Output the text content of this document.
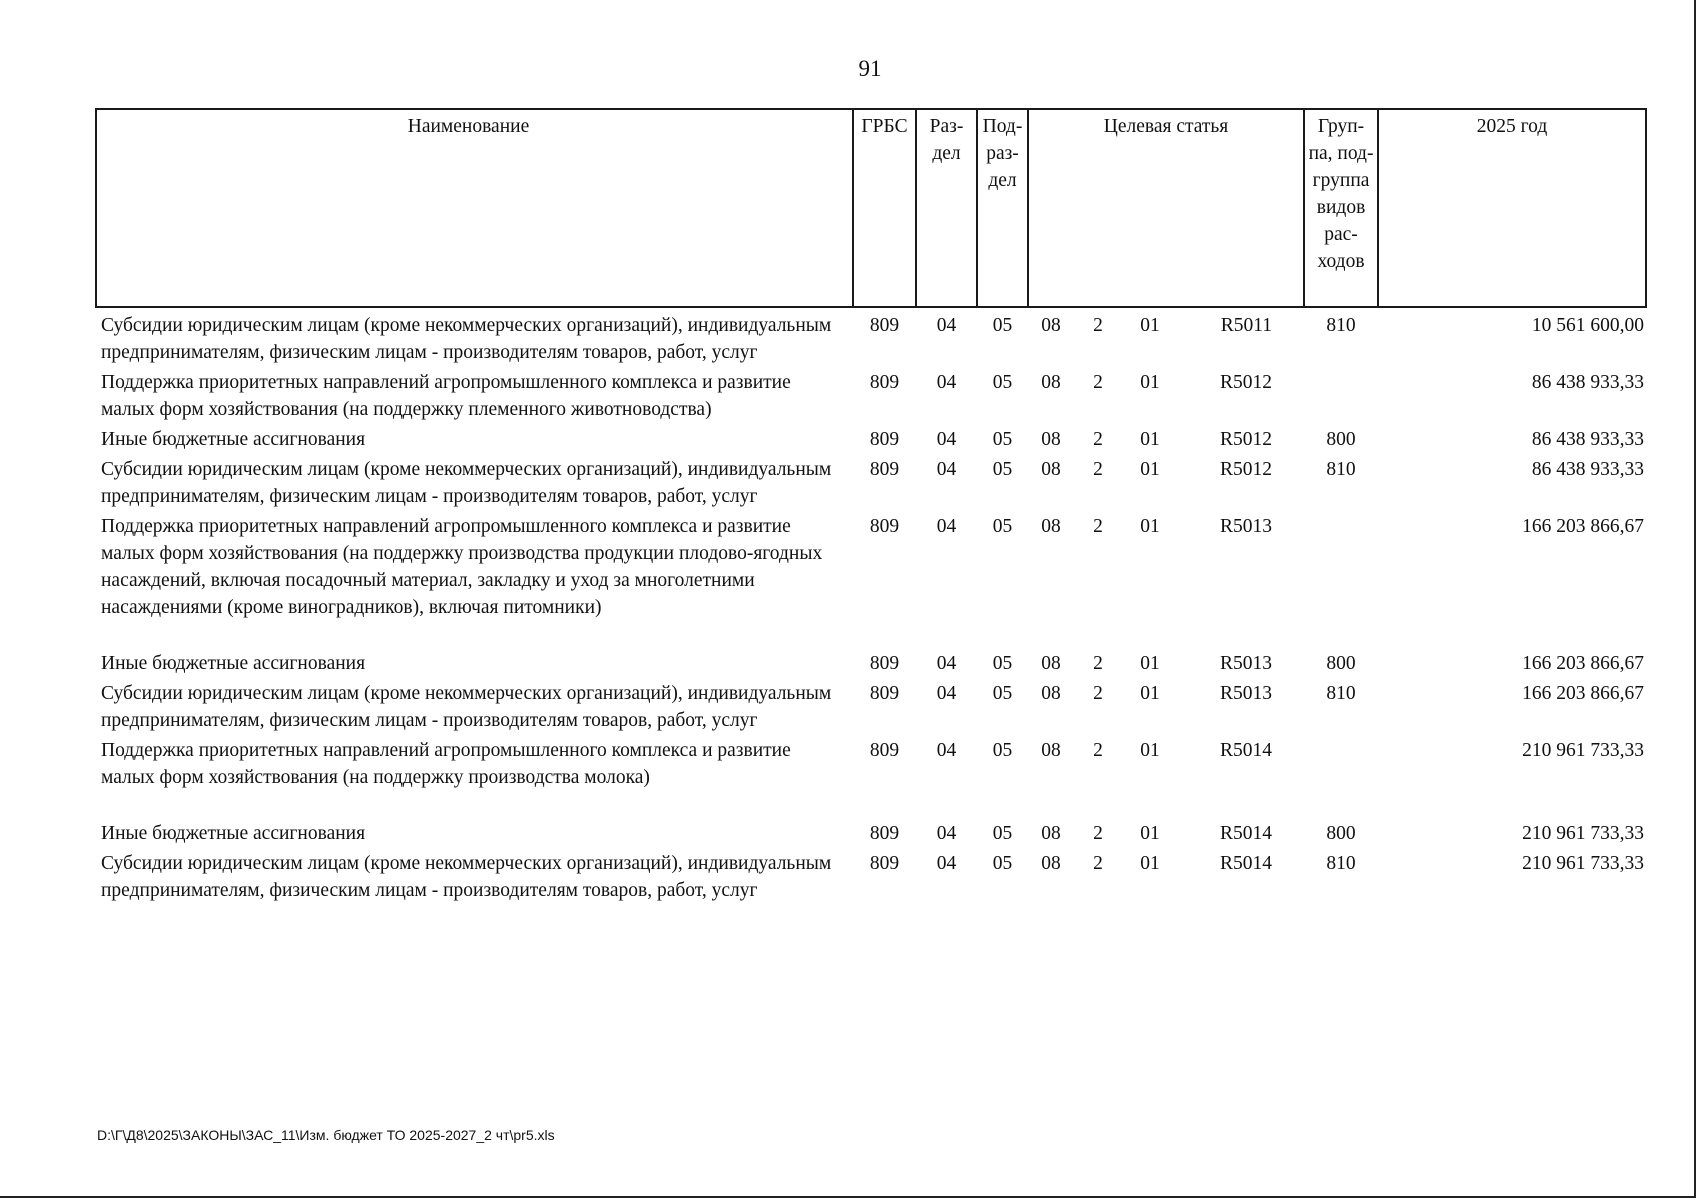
91
Наименование	ГРБС	Раз- дел	Под- раз- дел	Целевая статья				Груп- па, под- группа видов рас- ходов	2025 год
Субсидии юридическим лицам (кроме некоммерческих организаций), индивидуальным предпринимателям, физическим лицам - производителям товаров, работ, услуг	809	04	05	08	2	01	R5011	810	10 561 600,00
Поддержка приоритетных направлений агропромышленного комплекса и развитие малых форм хозяйствования (на поддержку племенного животноводства)	809	04	05	08	2	01	R5012		86 438 933,33
Иные бюджетные ассигнования	809	04	05	08	2	01	R5012	800	86 438 933,33
Субсидии юридическим лицам (кроме некоммерческих организаций), индивидуальным предпринимателям, физическим лицам - производителям товаров, работ, услуг	809	04	05	08	2	01	R5012	810	86 438 933,33
Поддержка приоритетных направлений агропромышленного комплекса и развитие малых форм хозяйствования (на поддержку производства продукции плодово-ягодных насаждений, включая посадочный материал, закладку и уход за многолетними насаждениями (кроме виноградников), включая питомники)	809	04	05	08	2	01	R5013		166 203 866,67
Иные бюджетные ассигнования	809	04	05	08	2	01	R5013	800	166 203 866,67
Субсидии юридическим лицам (кроме некоммерческих организаций), индивидуальным предпринимателям, физическим лицам - производителям товаров, работ, услуг	809	04	05	08	2	01	R5013	810	166 203 866,67
Поддержка приоритетных направлений агропромышленного комплекса и развитие малых форм хозяйствования (на поддержку производства молока)	809	04	05	08	2	01	R5014		210 961 733,33
Иные бюджетные ассигнования	809	04	05	08	2	01	R5014	800	210 961 733,33
Субсидии юридическим лицам (кроме некоммерческих организаций), индивидуальным предпринимателям, физическим лицам - производителям товаров, работ, услуг	809	04	05	08	2	01	R5014	810	210 961 733,33
D:\Г\Д8\2025\ЗАКОНЫ\ЗАС_11\Изм. бюджет ТО 2025-2027_2 чт\pr5.xls
